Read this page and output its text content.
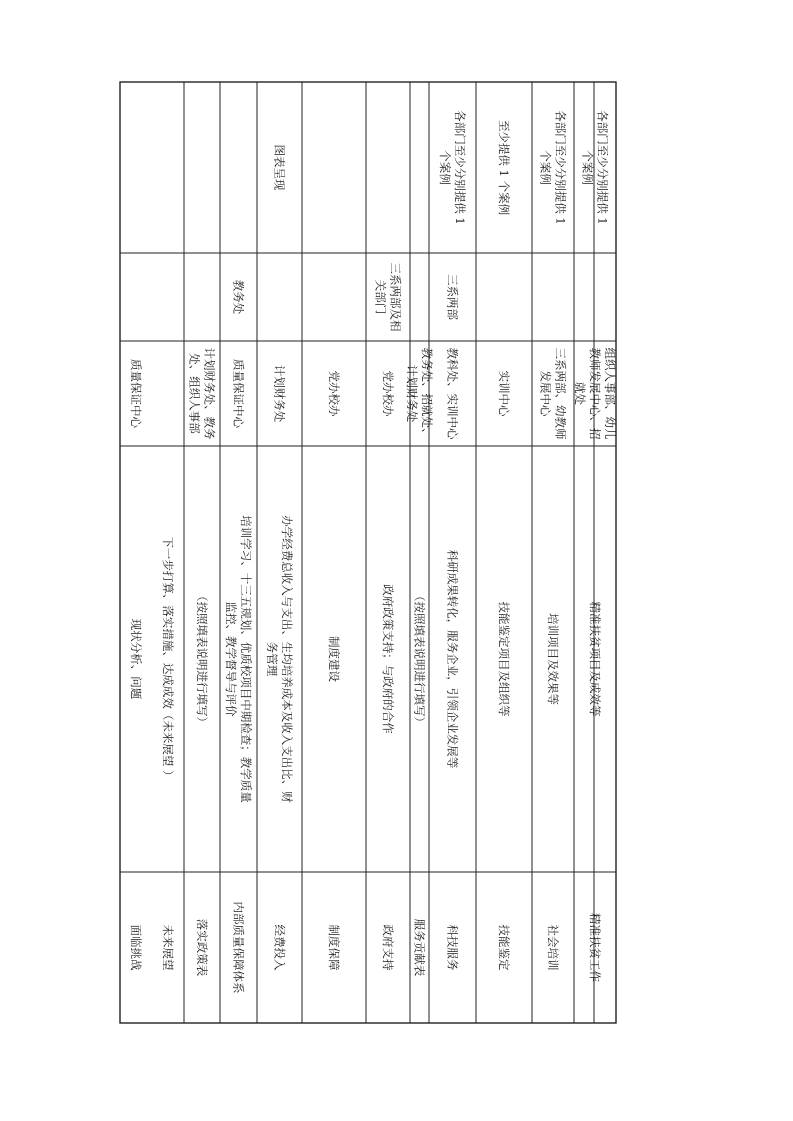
精准扶贫工作
精准扶贫项目及成效等
组织人事部、幼儿教师发展中心、招就处
各部门至少分别提供 1个案例
社会培训
培训项目及效果等
三系两部、幼教师发展中心
各部门至少分别提供 1个案例
技能鉴定
技能鉴定项目及组织等
实训中心
至少提供 1 个案例
科技服务
科研成果转化，服务企业，引领企业发展等
教科处、实训中心
三系两部
各部门至少分别提供 1个案例
服务贡献表
（按照填表说明进行填写）
教务处、招就处、计划财务处
政府支持
政府政策支持；与政府的合作
党办校办
三系两部及相关部门
制度保障
制度建设
党办校办
经费投入
办学经费总收入与支出、生均培养成本及收入支出比、财务管理
计划财务处
图表呈现
内部质量保障体系
培训学习、十三五规划、优质校项目中期检查；教学质量监控、教学督导与评价
质量保证中心
教务处
落实政策表
（按照填表说明进行填写）
计划财务处、教务处、组织人事部
面临挑战
现状分析、问题
质量保证中心
未来展望
下一步打算、落实措施、达成成效（未来展望 ）
